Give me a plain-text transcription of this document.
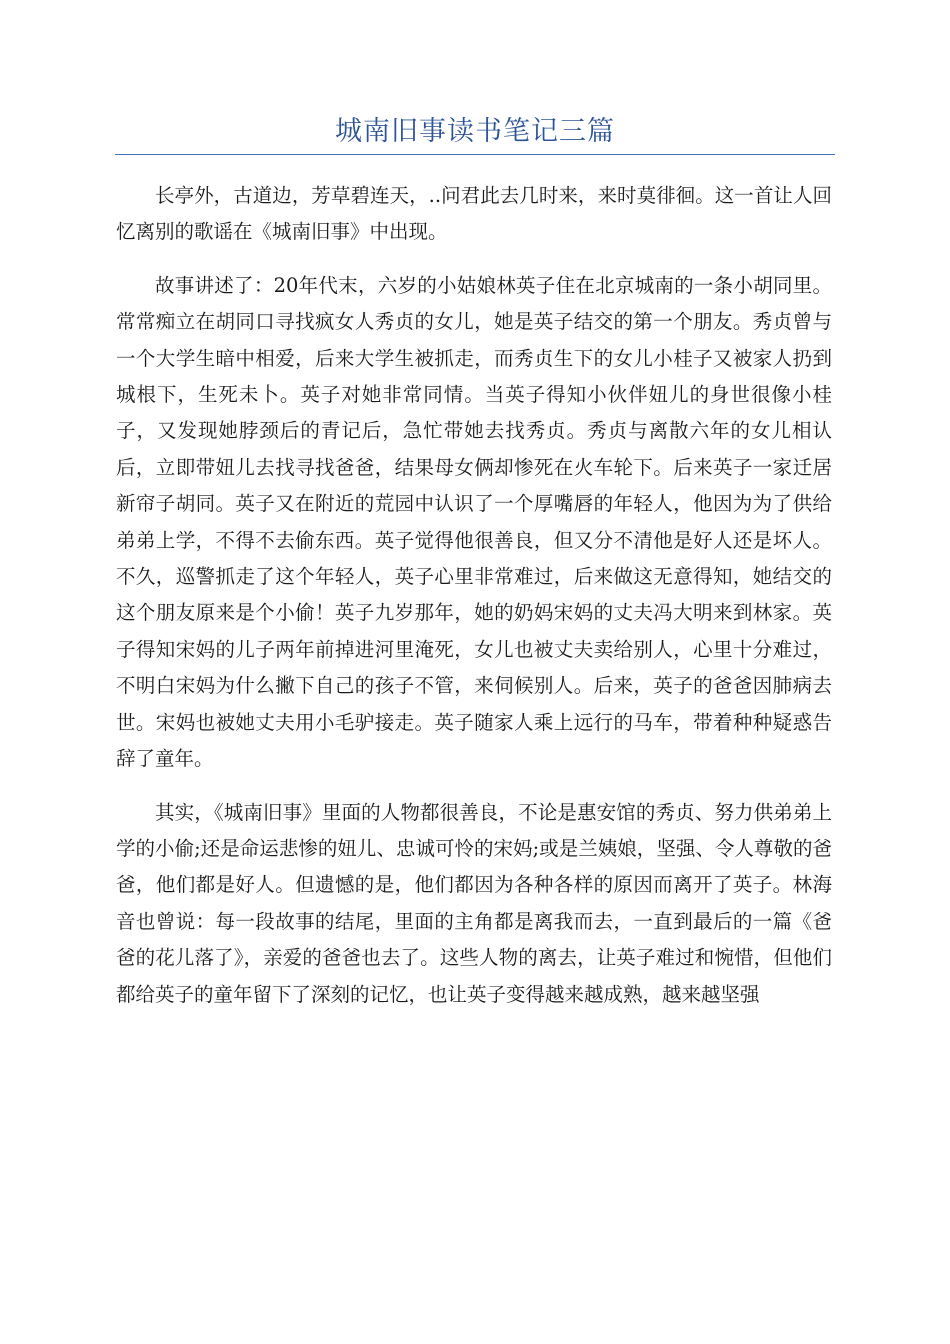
城南旧事读书笔记三篇

长亭外，古道边，芳草碧连天，..问君此去几时来，来时莫徘徊。这一首让人回忆离别的歌谣在《城南旧事》中出现。

故事讲述了：20年代末，六岁的小姑娘林英子住在北京城南的一条小胡同里。常常痴立在胡同口寻找疯女人秀贞的女儿，她是英子结交的第一个朋友。秀贞曾与一个大学生暗中相爱，后来大学生被抓走，而秀贞生下的女儿小桂子又被家人扔到城根下，生死未卜。英子对她非常同情。当英子得知小伙伴妞儿的身世很像小桂子，又发现她脖颈后的青记后，急忙带她去找秀贞。秀贞与离散六年的女儿相认后，立即带妞儿去找寻找爸爸，结果母女俩却惨死在火车轮下。后来英子一家迁居新帘子胡同。英子又在附近的荒园中认识了一个厚嘴唇的年轻人，他因为为了供给弟弟上学，不得不去偷东西。英子觉得他很善良，但又分不清他是好人还是坏人。不久，巡警抓走了这个年轻人，英子心里非常难过，后来做这无意得知，她结交的这个朋友原来是个小偷！英子九岁那年，她的奶妈宋妈的丈夫冯大明来到林家。英子得知宋妈的儿子两年前掉进河里淹死，女儿也被丈夫卖给别人，心里十分难过，不明白宋妈为什么撇下自己的孩子不管，来伺候别人。后来，英子的爸爸因肺病去世。宋妈也被她丈夫用小毛驴接走。英子随家人乘上远行的马车，带着种种疑惑告辞了童年。

其实，《城南旧事》里面的人物都很善良，不论是惠安馆的秀贞、努力供弟弟上学的小偷;还是命运悲惨的妞儿、忠诚可怜的宋妈;或是兰姨娘，坚强、令人尊敬的爸爸，他们都是好人。但遗憾的是，他们都因为各种各样的原因而离开了英子。林海音也曾说：每一段故事的结尾，里面的主角都是离我而去，一直到最后的一篇《爸爸的花儿落了》，亲爱的爸爸也去了。这些人物的离去，让英子难过和惋惜，但他们都给英子的童年留下了深刻的记忆，也让英子变得越来越成熟，越来越坚强
